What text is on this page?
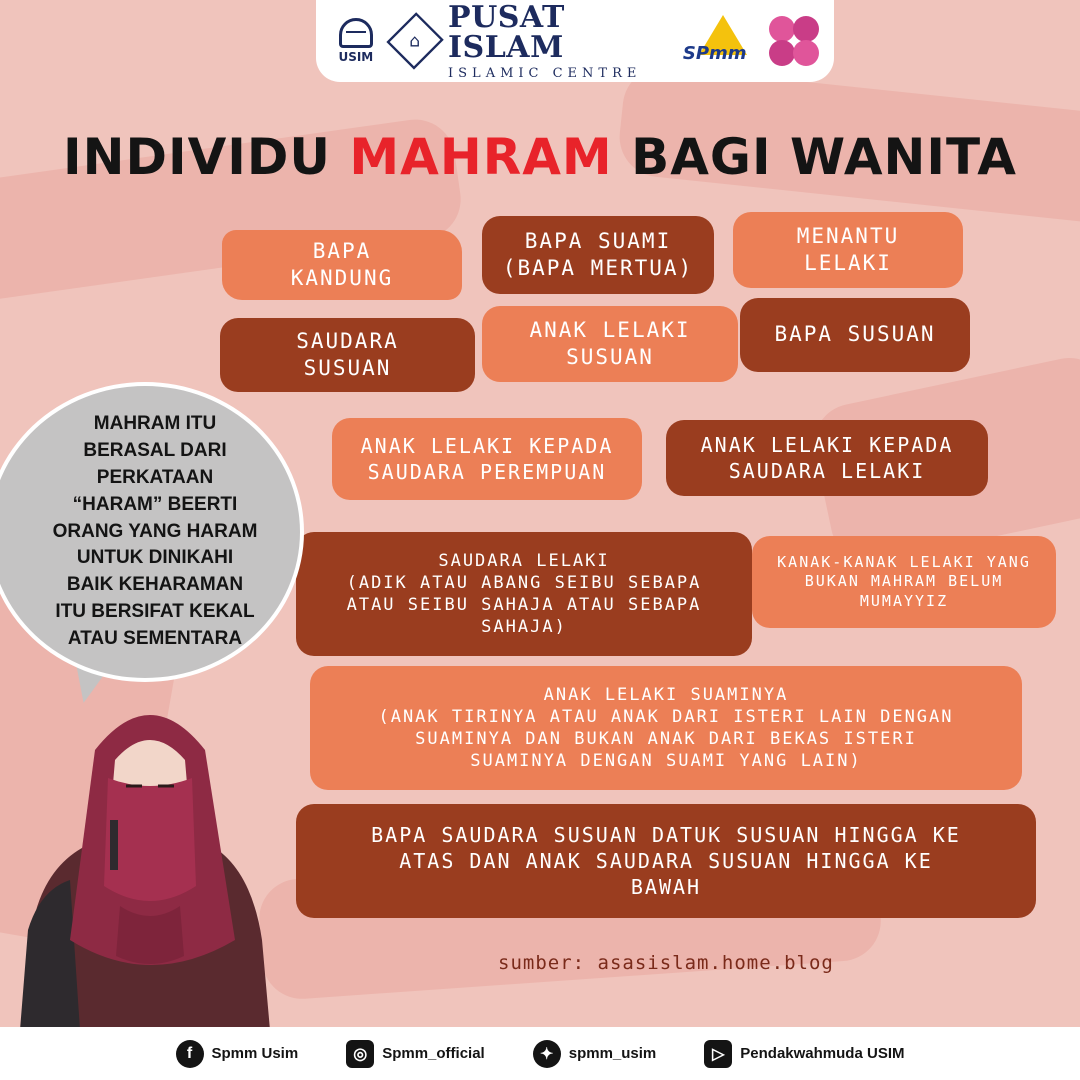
USIM
⌂
PUSAT ISLAM
ISLAMIC CENTRE
SPmm
INDIVIDU MAHRAM BAGI WANITA
BAPA
KANDUNG
BAPA SUAMI
(BAPA MERTUA)
MENANTU
LELAKI
SAUDARA
SUSUAN
ANAK LELAKI
SUSUAN
BAPA SUSUAN
ANAK LELAKI KEPADA
SAUDARA PEREMPUAN
ANAK LELAKI KEPADA
SAUDARA LELAKI
SAUDARA LELAKI
(ADIK ATAU ABANG SEIBU SEBAPA
ATAU SEIBU SAHAJA ATAU SEBAPA
SAHAJA)
KANAK-KANAK LELAKI YANG
BUKAN MAHRAM BELUM
MUMAYYIZ
ANAK LELAKI SUAMINYA
(ANAK TIRINYA ATAU ANAK DARI ISTERI LAIN DENGAN
SUAMINYA DAN BUKAN ANAK DARI BEKAS ISTERI
SUAMINYA DENGAN SUAMI YANG LAIN)
BAPA SAUDARA SUSUAN DATUK SUSUAN HINGGA KE
ATAS DAN ANAK SAUDARA SUSUAN HINGGA KE
BAWAH

MAHRAM ITU
BERASAL DARI
PERKATAAN
“HARAM” BEERTI
ORANG YANG HARAM
UNTUK DINIKAHI
BAIK KEHARAMAN
ITU BERSIFAT KEKAL
ATAU SEMENTARA

sumber: asasislam.home.blog
f	Spmm Usim	◎	Spmm_official	✦	spmm_usim	▷	Pendakwahmuda USIM
